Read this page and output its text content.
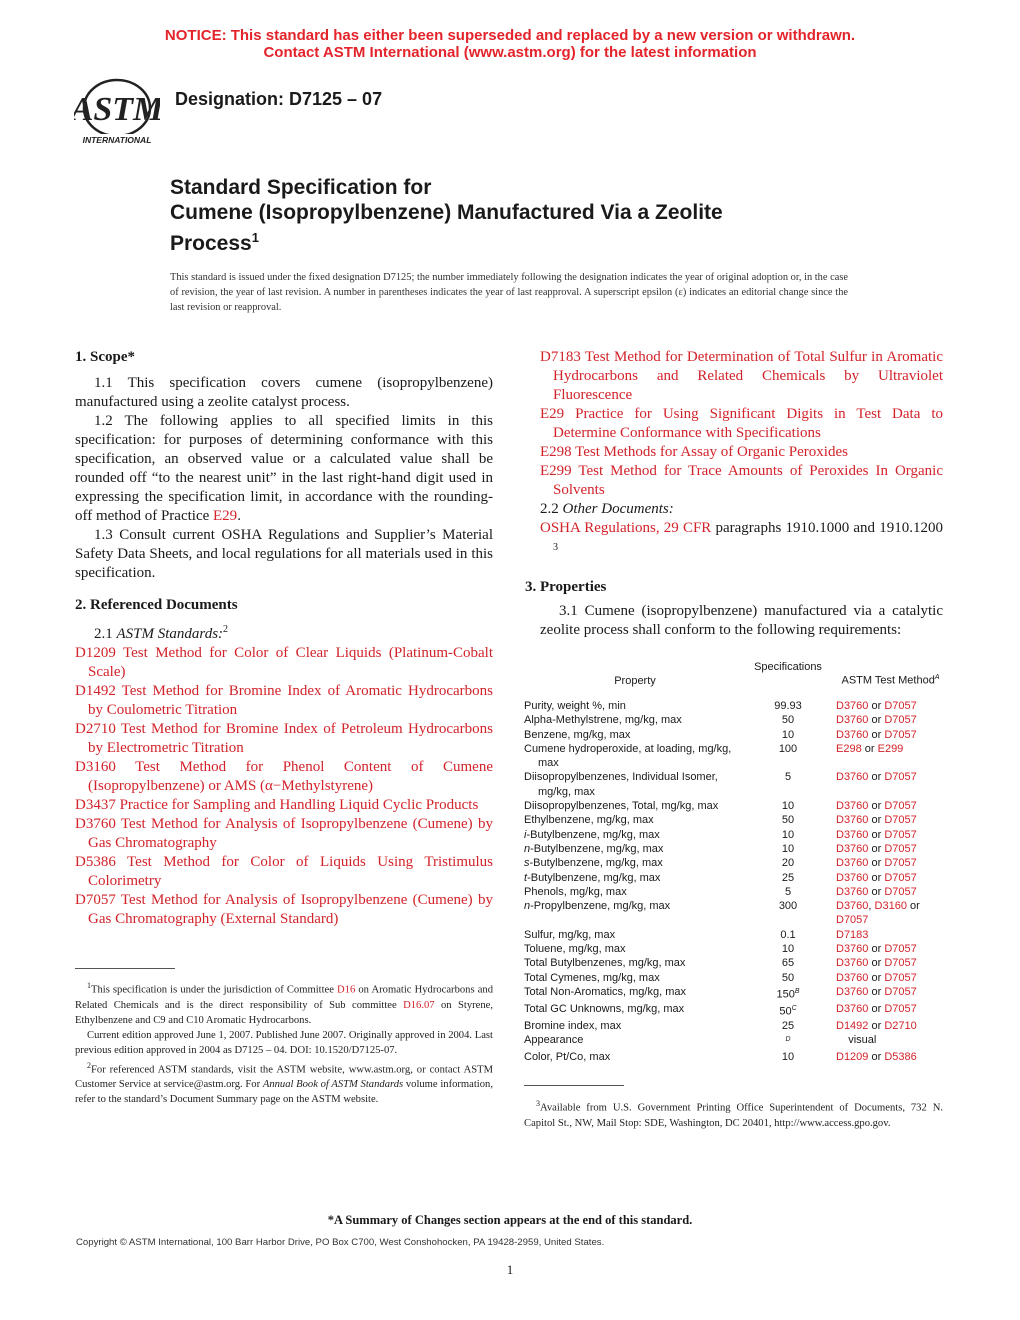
NOTICE: This standard has either been superseded and replaced by a new version or withdrawn.
Contact ASTM International (www.astm.org) for the latest information
ASTM
INTERNATIONAL
Designation: D7125 – 07
Standard Specification for
Cumene (Isopropylbenzene) Manufactured Via a Zeolite
Process$^1$
This standard is issued under the fixed designation D7125; the number immediately following the designation indicates the year of original adoption or, in the case of revision, the year of last revision. A number in parentheses indicates the year of last reapproval. A superscript epsilon (ε) indicates an editorial change since the last revision or reapproval.
1. Scope*

1.1 This specification covers cumene (isopropylbenzene) manufactured using a zeolite catalyst process.

1.2 The following applies to all specified limits in this specification: for purposes of determining conformance with this specification, an observed value or a calculated value shall be rounded off “to the nearest unit” in the last right-hand digit used in expressing the specification limit, in accordance with the rounding-off method of Practice E29.

1.3 Consult current OSHA Regulations and Supplier’s Material Safety Data Sheets, and local regulations for all materials used in this specification.

2. Referenced Documents

2.1 ASTM Standards:$^2$

D1209 Test Method for Color of Clear Liquids (Platinum-Cobalt Scale)

D1492 Test Method for Bromine Index of Aromatic Hydrocarbons by Coulometric Titration

D2710 Test Method for Bromine Index of Petroleum Hydrocarbons by Electrometric Titration

D3160 Test Method for Phenol Content of Cumene (Isopropylbenzene) or AMS (α−Methylstyrene)

D3437 Practice for Sampling and Handling Liquid Cyclic Products

D3760 Test Method for Analysis of Isopropylbenzene (Cumene) by Gas Chromatography

D5386 Test Method for Color of Liquids Using Tristimulus Colorimetry

D7057 Test Method for Analysis of Isopropylbenzene (Cumene) by Gas Chromatography (External Standard)

$^1$This specification is under the jurisdiction of Committee D16 on Aromatic Hydrocarbons and Related Chemicals and is the direct responsibility of Sub committee D16.07 on Styrene, Ethylbenzene and C9 and C10 Aromatic Hydrocarbons.
Current edition approved June 1, 2007. Published June 2007. Originally approved in 2004. Last previous edition approved in 2004 as D7125 – 04. DOI: 10.1520/D7125-07.
$^2$For referenced ASTM standards, visit the ASTM website, www.astm.org, or contact ASTM Customer Service at service@astm.org. For Annual Book of ASTM Standards volume information, refer to the standard’s Document Summary page on the ASTM website.

D7183 Test Method for Determination of Total Sulfur in Aromatic Hydrocarbons and Related Chemicals by Ultraviolet Fluorescence

E29 Practice for Using Significant Digits in Test Data to Determine Conformance with Specifications

E298 Test Methods for Assay of Organic Peroxides

E299 Test Method for Trace Amounts of Peroxides In Organic Solvents

2.2 Other Documents:

OSHA Regulations, 29 CFR paragraphs 1910.1000 and 1910.1200 $^3$

3. Properties

3.1 Cumene (isopropylbenzene) manufactured via a catalytic zeolite process shall conform to the following requirements:

Property	Specifications	ASTM Test Method$^A$

Purity, weight %, min	99.93	D3760 or D7057
Alpha-Methylstrene, mg/kg, max	50	D3760 or D7057
Benzene, mg/kg, max	10	D3760 or D7057
Cumene hydroperoxide, at loading, mg/kg,
max	100	E298 or E299
Diisopropylbenzenes, Individual Isomer,
mg/kg, max	5	D3760 or D7057
Diisopropylbenzenes, Total, mg/kg, max	10	D3760 or D7057
Ethylbenzene, mg/kg, max	50	D3760 or D7057
i-Butylbenzene, mg/kg, max	10	D3760 or D7057
n-Butylbenzene, mg/kg, max	10	D3760 or D7057
s-Butylbenzene, mg/kg, max	20	D3760 or D7057
t-Butylbenzene, mg/kg, max	25	D3760 or D7057
Phenols, mg/kg, max	5	D3760 or D7057
n-Propylbenzene, mg/kg, max	300	D3760, D3160 or
D7057
Sulfur, mg/kg, max	0.1	D7183
Toluene, mg/kg, max	10	D3760 or D7057
Total Butylbenzenes, mg/kg, max	65	D3760 or D7057
Total Cymenes, mg/kg, max	50	D3760 or D7057
Total Non-Aromatics, mg/kg, max	$150^B$	D3760 or D7057
Total GC Unknowns, mg/kg, max	$50^C$	D3760 or D7057
Bromine index, max	25	D1492 or D2710
Appearance	$^D$	visual
Color, Pt/Co, max	10	D1209 or D5386
$^3$Available from U.S. Government Printing Office Superintendent of Documents, 732 N. Capitol St., NW, Mail Stop: SDE, Washington, DC 20401, http://www.access.gpo.gov.
*A Summary of Changes section appears at the end of this standard.
Copyright © ASTM International, 100 Barr Harbor Drive, PO Box C700, West Conshohocken, PA 19428-2959, United States.
1
